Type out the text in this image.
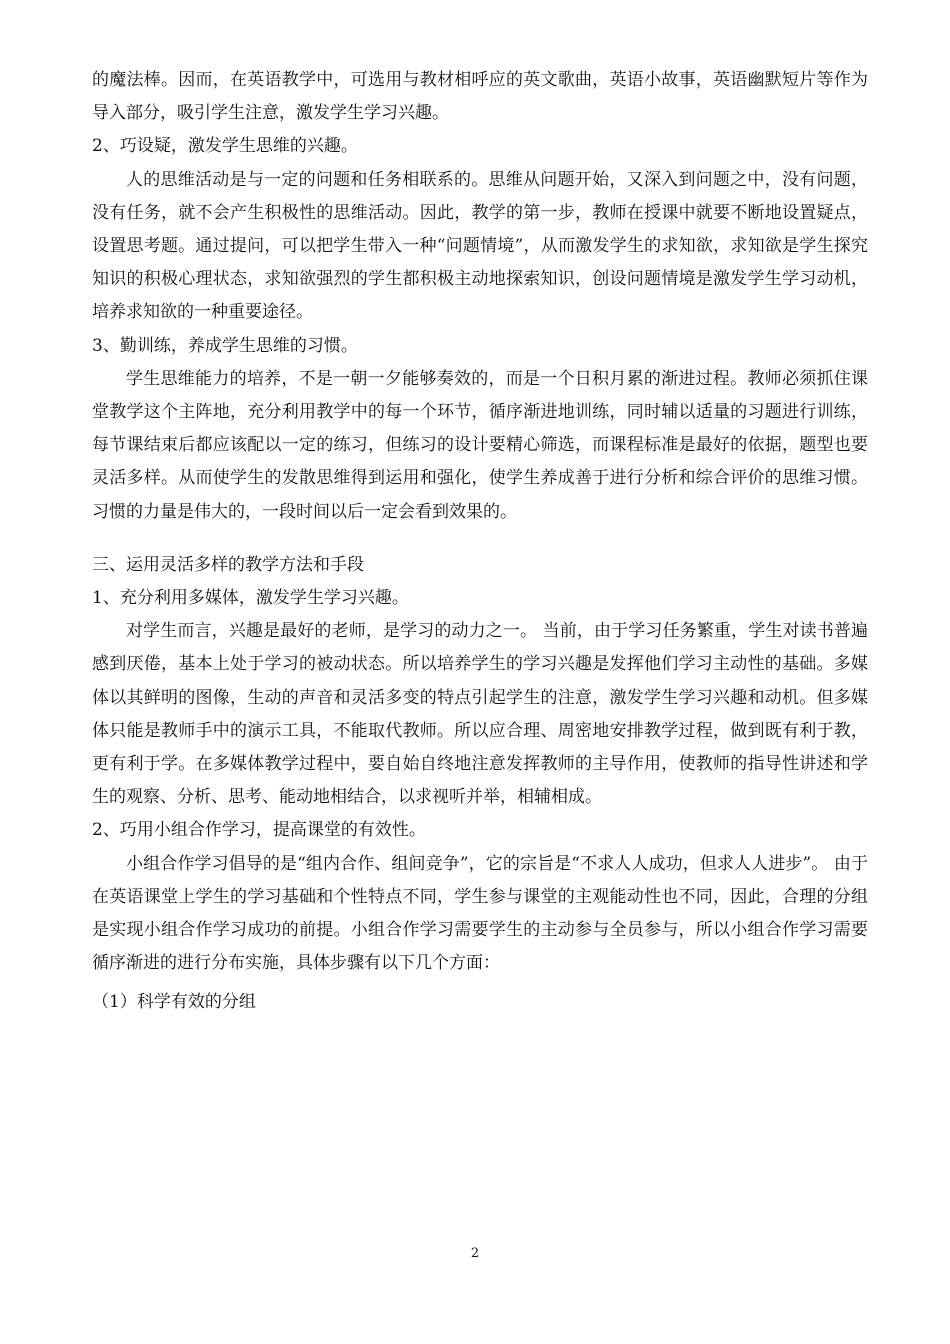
的魔法棒。因而，在英语教学中，可选用与教材相呼应的英文歌曲，英语小故事，英语幽默短片等作为导入部分，吸引学生注意，激发学生学习兴趣。

2、巧设疑，激发学生思维的兴趣。

人的思维活动是与一定的问题和任务相联系的。思维从问题开始，又深入到问题之中，没有问题，没有任务，就不会产生积极性的思维活动。因此，教学的第一步，教师在授课中就要不断地设置疑点，设置思考题。通过提问，可以把学生带入一种“问题情境”，从而激发学生的求知欲，求知欲是学生探究知识的积极心理状态，求知欲强烈的学生都积极主动地探索知识，创设问题情境是激发学生学习动机，培养求知欲的一种重要途径。

3、勤训练，养成学生思维的习惯。

学生思维能力的培养，不是一朝一夕能够奏效的，而是一个日积月累的渐进过程。教师必须抓住课堂教学这个主阵地，充分利用教学中的每一个环节，循序渐进地训练，同时辅以适量的习题进行训练，每节课结束后都应该配以一定的练习，但练习的设计要精心筛选，而课程标准是最好的依据，题型也要灵活多样。从而使学生的发散思维得到运用和强化，使学生养成善于进行分析和综合评价的思维习惯。习惯的力量是伟大的，一段时间以后一定会看到效果的。

三、运用灵活多样的教学方法和手段

1、充分利用多媒体，激发学生学习兴趣。

对学生而言，兴趣是最好的老师，是学习的动力之一。 当前，由于学习任务繁重，学生对读书普遍感到厌倦，基本上处于学习的被动状态。所以培养学生的学习兴趣是发挥他们学习主动性的基础。多媒体以其鲜明的图像，生动的声音和灵活多变的特点引起学生的注意，激发学生学习兴趣和动机。但多媒体只能是教师手中的演示工具，不能取代教师。所以应合理、周密地安排教学过程，做到既有利于教，更有利于学。在多媒体教学过程中，要自始自终地注意发挥教师的主导作用，使教师的指导性讲述和学生的观察、分析、思考、能动地相结合，以求视听并举，相辅相成。

2、巧用小组合作学习，提高课堂的有效性。

小组合作学习倡导的是“组内合作、组间竞争”，它的宗旨是“不求人人成功，但求人人进步”。 由于在英语课堂上学生的学习基础和个性特点不同，学生参与课堂的主观能动性也不同，因此，合理的分组是实现小组合作学习成功的前提。小组合作学习需要学生的主动参与全员参与，所以小组合作学习需要循序渐进的进行分布实施，具体步骤有以下几个方面：

（1）科学有效的分组

2
